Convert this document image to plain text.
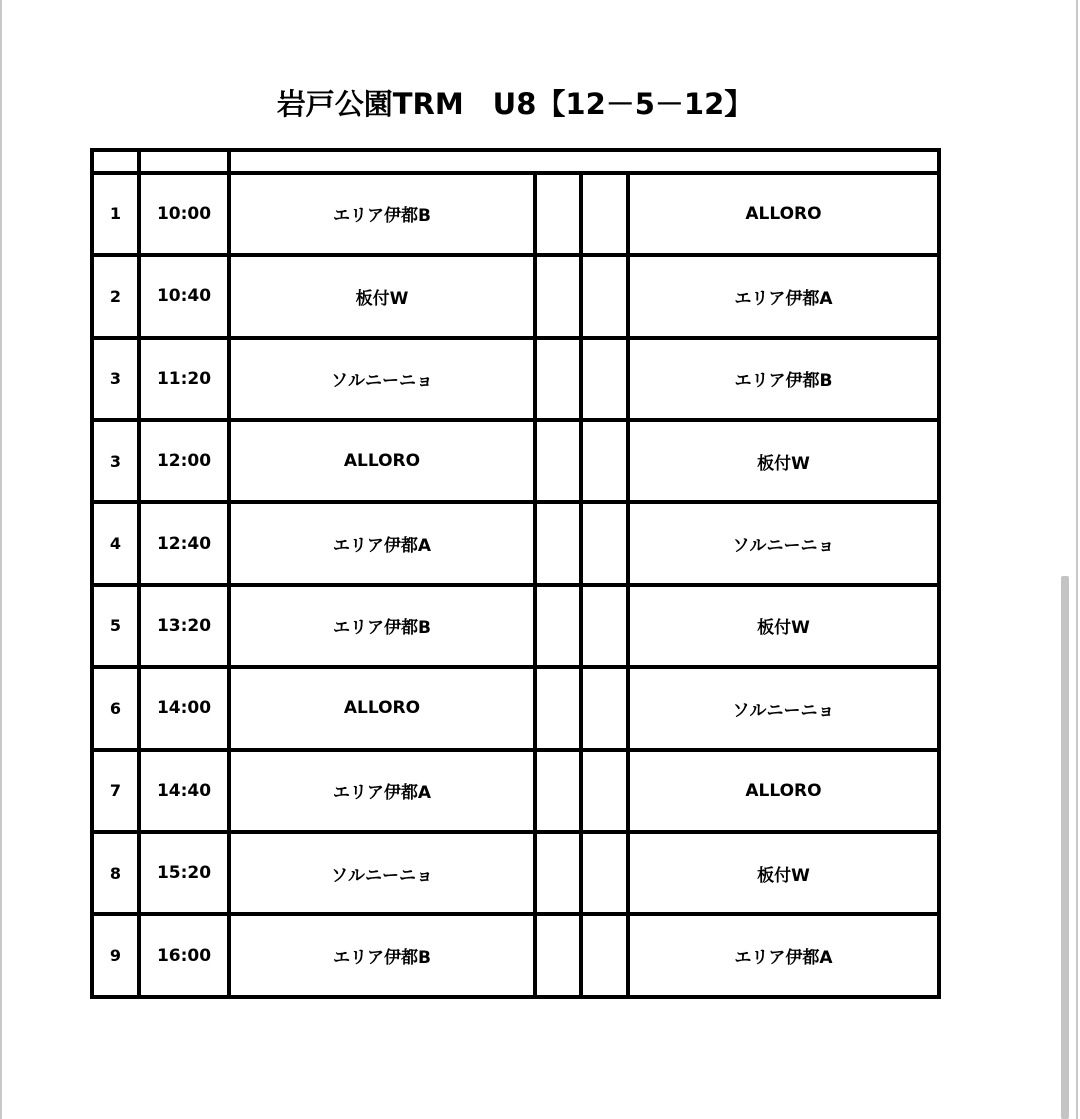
岩戸公園TRM　U8【12－5－12】

1	10:00	エリア伊都B			ALLORO
2	10:40	板付W			エリア伊都A
3	11:20	ソルニーニョ			エリア伊都B
3	12:00	ALLORO			板付W
4	12:40	エリア伊都A			ソルニーニョ
5	13:20	エリア伊都B			板付W
6	14:00	ALLORO			ソルニーニョ
7	14:40	エリア伊都A			ALLORO
8	15:20	ソルニーニョ			板付W
9	16:00	エリア伊都B			エリア伊都A
